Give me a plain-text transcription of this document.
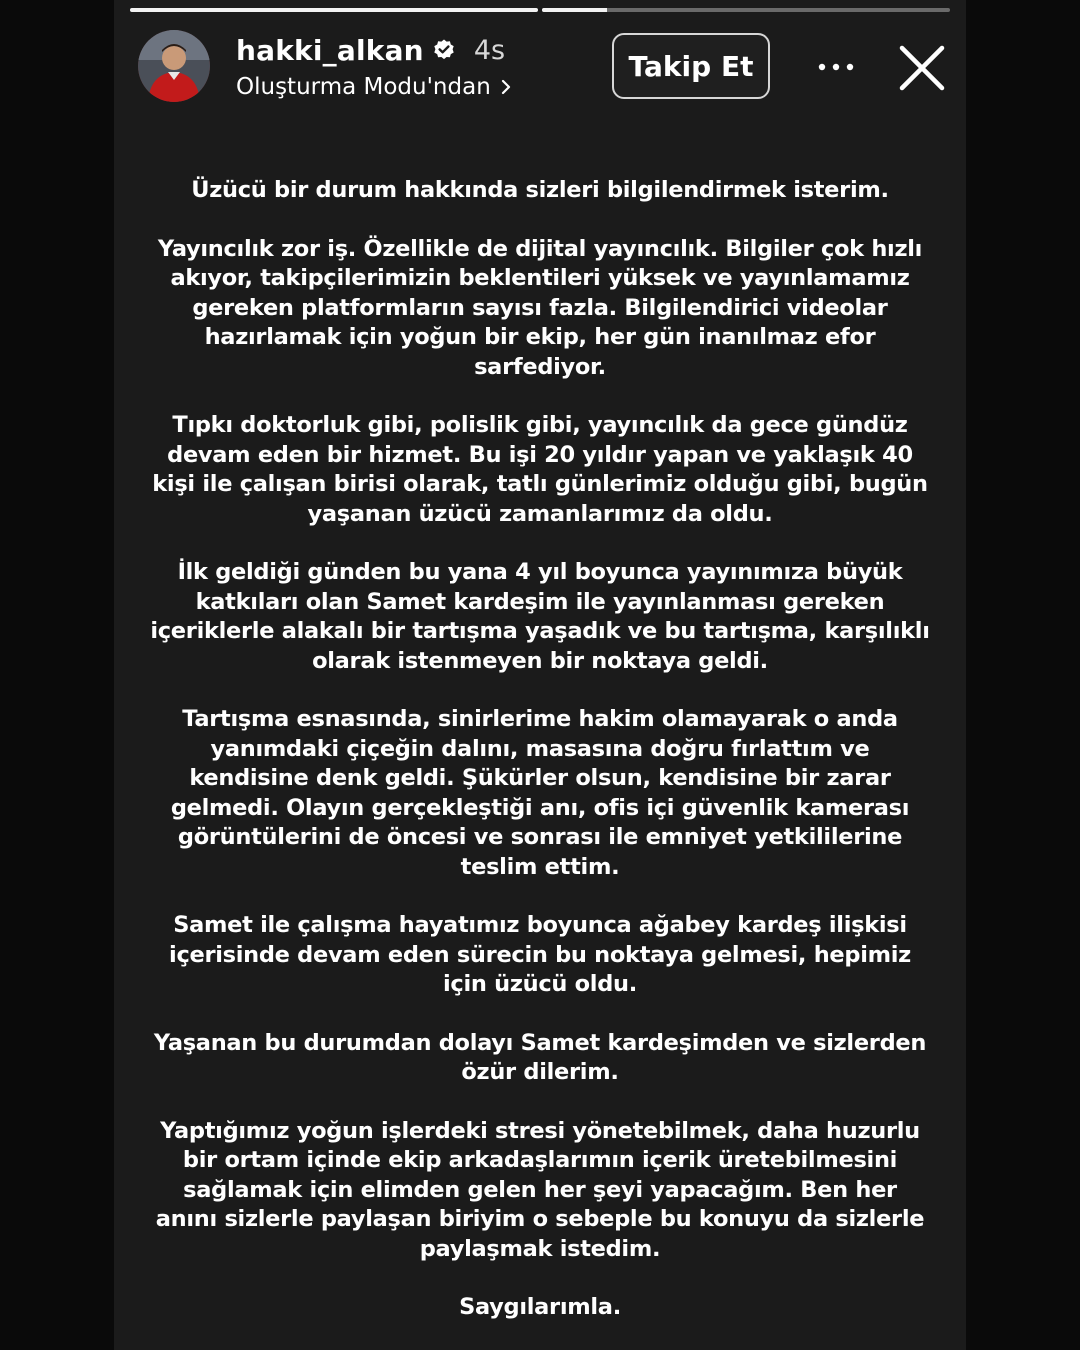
hakki_alkan 4s
Oluşturma Modu'ndan
Takip Et

Üzücü bir durum hakkında sizleri bilgilendirmek isterim.

Yayıncılık zor iş. Özellikle de dijital yayıncılık. Bilgiler çok hızlı akıyor, takipçilerimizin beklentileri yüksek ve yayınlamamız gereken platformların sayısı fazla. Bilgilendirici videolar hazırlamak için yoğun bir ekip, her gün inanılmaz efor sarfediyor.

Tıpkı doktorluk gibi, polislik gibi, yayıncılık da gece gündüz devam eden bir hizmet. Bu işi 20 yıldır yapan ve yaklaşık 40 kişi ile çalışan birisi olarak, tatlı günlerimiz olduğu gibi, bugün yaşanan üzücü zamanlarımız da oldu.

İlk geldiği günden bu yana 4 yıl boyunca yayınımıza büyük katkıları olan Samet kardeşim ile yayınlanması gereken içeriklerle alakalı bir tartışma yaşadık ve bu tartışma, karşılıklı olarak istenmeyen bir noktaya geldi.

Tartışma esnasında, sinirlerime hakim olamayarak o anda yanımdaki çiçeğin dalını, masasına doğru fırlattım ve kendisine denk geldi. Şükürler olsun, kendisine bir zarar gelmedi. Olayın gerçekleştiği anı, ofis içi güvenlik kamerası görüntülerini de öncesi ve sonrası ile emniyet yetkililerine teslim ettim.

Samet ile çalışma hayatımız boyunca ağabey kardeş ilişkisi içerisinde devam eden sürecin bu noktaya gelmesi, hepimiz için üzücü oldu.

Yaşanan bu durumdan dolayı Samet kardeşimden ve sizlerden özür dilerim.

Yaptığımız yoğun işlerdeki stresi yönetebilmek, daha huzurlu bir ortam içinde ekip arkadaşlarımın içerik üretebilmesini sağlamak için elimden gelen her şeyi yapacağım. Ben her anını sizlerle paylaşan biriyim o sebeple bu konuyu da sizlerle paylaşmak istedim.

Saygılarımla.
